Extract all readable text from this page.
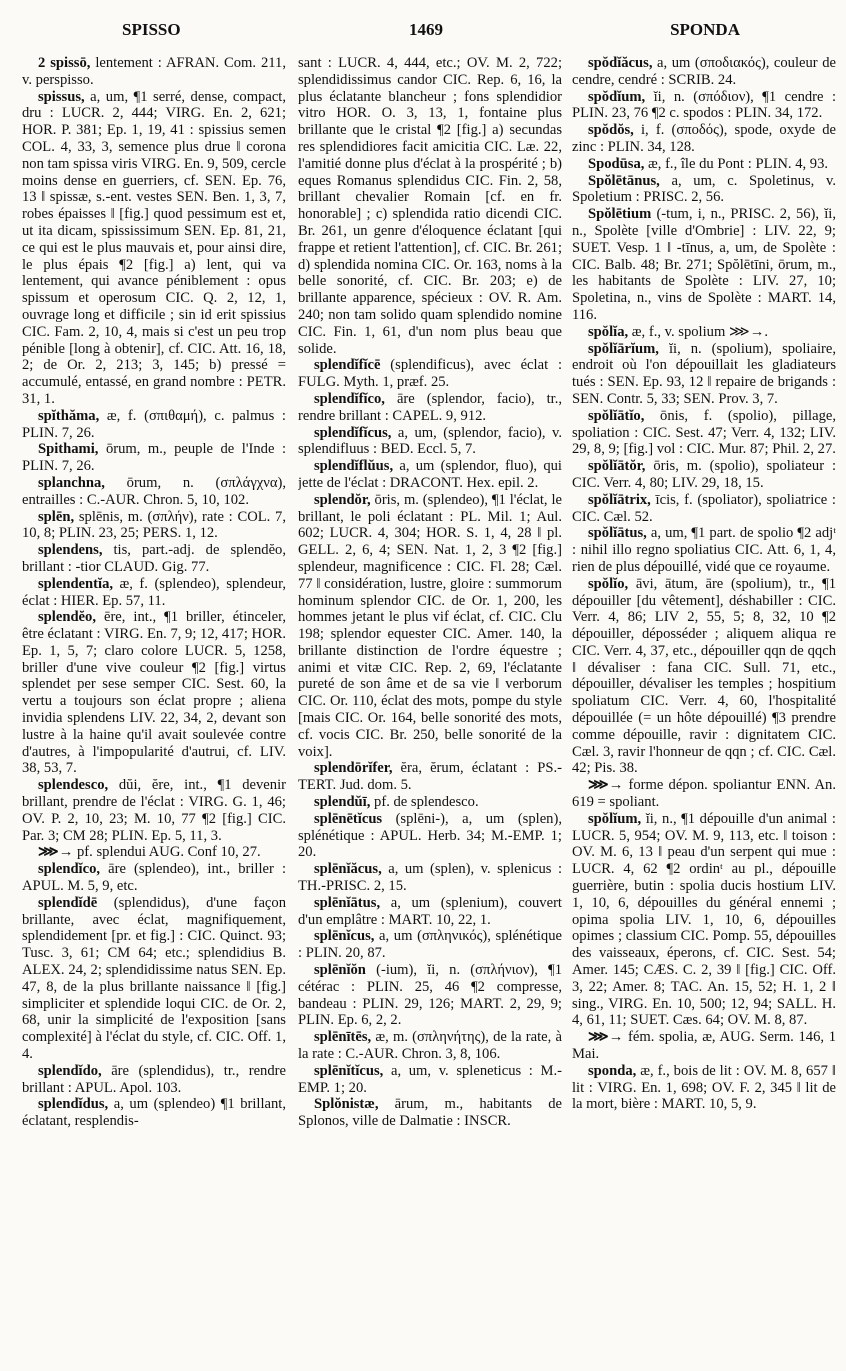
SPISSO	1469	SPONDA

2 spissō, lentement : AFRAN. Com. 211, v. perspisso.

spissus, a, um, ¶1 serré, dense, compact, dru : LUCR. 2, 444; VIRG. En. 2, 621; HOR. P. 381; Ep. 1, 19, 41 : spissius semen COL. 4, 33, 3, semence plus drue ‖ corona non tam spissa viris VIRG. En. 9, 509, cercle moins dense en guerriers, cf. SEN. Ep. 76, 13 ‖ spissæ, s.-ent. vestes SEN. Ben. 1, 3, 7, robes épaisses ‖ [fig.] quod pessimum est et, ut ita dicam, spississimum SEN. Ep. 81, 21, ce qui est le plus mauvais et, pour ainsi dire, le plus épais ¶2 [fig.] a) lent, qui va lentement, qui avance péniblement : opus spissum et operosum CIC. Q. 2, 12, 1, ouvrage long et difficile ; sin id erit spissius CIC. Fam. 2, 10, 4, mais si c'est un peu trop pénible [long à obtenir], cf. CIC. Att. 16, 18, 2; de Or. 2, 213; 3, 145; b) pressé = accumulé, entassé, en grand nombre : PETR. 31, 1.

spĭthăma, æ, f. (σπιθαμή), c. palmus : PLIN. 7, 26.

Spithami, ōrum, m., peuple de l'Inde : PLIN. 7, 26.

splanchna, ōrum, n. (σπλάγχνα), entrailles : C.-AUR. Chron. 5, 10, 102.

splēn, splēnis, m. (σπλήν), rate : COL. 7, 10, 8; PLIN. 23, 25; PERS. 1, 12.

splendens, tis, part.-adj. de splendĕo, brillant : -tior CLAUD. Gig. 77.

splendentĭa, æ, f. (splendeo), splendeur, éclat : HIER. Ep. 57, 11.

splendĕo, ēre, int., ¶1 briller, étinceler, être éclatant : VIRG. En. 7, 9; 12, 417; HOR. Ep. 1, 5, 7; claro colore LUCR. 5, 1258, briller d'une vive couleur ¶2 [fig.] virtus splendet per sese semper CIC. Sest. 60, la vertu a toujours son éclat propre ; aliena invidia splendens LIV. 22, 34, 2, devant son lustre à la haine qu'il avait soulevée contre d'autres, à l'impopularité d'autrui, cf. LIV. 38, 53, 7.

splendesco, dŭi, ĕre, int., ¶1 devenir brillant, prendre de l'éclat : VIRG. G. 1, 46; OV. P. 2, 10, 23; M. 10, 77 ¶2 [fig.] CIC. Par. 3; CM 28; PLIN. Ep. 5, 11, 3.

⋙→ pf. splendui AUG. Conf 10, 27.

splendĭco, āre (splendeo), int., briller : APUL. M. 5, 9, etc.

splendĭdē (splendidus), d'une façon brillante, avec éclat, magnifiquement, splendidement [pr. et fig.] : CIC. Quinct. 93; Tusc. 3, 61; CM 64; etc.; splendidius B. ALEX. 24, 2; splendidissime natus SEN. Ep. 47, 8, de la plus brillante naissance ‖ [fig.] simpliciter et splendide loqui CIC. de Or. 2, 68, unir la simplicité de l'exposition [sans complexité] à l'éclat du style, cf. CIC. Off. 1, 4.

splendĭdo, āre (splendidus), tr., rendre brillant : APUL. Apol. 103.

splendĭdus, a, um (splendeo) ¶1 brillant, éclatant, resplendis-

sant : LUCR. 4, 444, etc.; OV. M. 2, 722; splendidissimus candor CIC. Rep. 6, 16, la plus éclatante blancheur ; fons splendidior vitro HOR. O. 3, 13, 1, fontaine plus brillante que le cristal ¶2 [fig.] a) secundas res splendidiores facit amicitia CIC. Læ. 22, l'amitié donne plus d'éclat à la prospérité ; b) eques Romanus splendidus CIC. Fin. 2, 58, brillant chevalier Romain [cf. en fr. honorable] ; c) splendida ratio dicendi CIC. Br. 261, un genre d'éloquence éclatant [qui frappe et retient l'attention], cf. CIC. Br. 261; d) splendida nomina CIC. Or. 163, noms à la belle sonorité, cf. CIC. Br. 203; e) de brillante apparence, spécieux : OV. R. Am. 240; non tam solido quam splendido nomine CIC. Fin. 1, 61, d'un nom plus beau que solide.

splendĭfĭcē (splendificus), avec éclat : FULG. Myth. 1, præf. 25.

splendĭfĭco, āre (splendor, facio), tr., rendre brillant : CAPEL. 9, 912.

splendĭfĭcus, a, um, (splendor, facio), v. splendifluus : BED. Eccl. 5, 7.

splendĭflŭus, a, um (splendor, fluo), qui jette de l'éclat : DRACONT. Hex. epil. 2.

splendŏr, ōris, m. (splendeo), ¶1 l'éclat, le brillant, le poli éclatant : PL. Mil. 1; Aul. 602; LUCR. 4, 304; HOR. S. 1, 4, 28 ‖ pl. GELL. 2, 6, 4; SEN. Nat. 1, 2, 3 ¶2 [fig.] splendeur, magnificence : CIC. Fl. 28; Cæl. 77 ‖ considération, lustre, gloire : summorum hominum splendor CIC. de Or. 1, 200, les hommes jetant le plus vif éclat, cf. CIC. Clu 198; splendor equester CIC. Amer. 140, la brillante distinction de l'ordre équestre ; animi et vitæ CIC. Rep. 2, 69, l'éclatante pureté de son âme et de sa vie ‖ verborum CIC. Or. 110, éclat des mots, pompe du style [mais CIC. Or. 164, belle sonorité des mots, cf. vocis CIC. Br. 250, belle sonorité de la voix].

splendōrĭfer, ĕra, ĕrum, éclatant : PS.-TERT. Jud. dom. 5.

splendŭī, pf. de splendesco.

splēnētĭcus (splēni-), a, um (splen), splénétique : APUL. Herb. 34; M.-EMP. 1; 20.

splēnĭăcus, a, um (splen), v. splenicus : TH.-PRISC. 2, 15.

splēnĭātus, a, um (splenium), couvert d'un emplâtre : MART. 10, 22, 1.

splēnĭcus, a, um (σπληνικός), splénétique : PLIN. 20, 87.

splēnĭŏn (-ium), ĭi, n. (σπλήνιον), ¶1 cétérac : PLIN. 25, 46 ¶2 compresse, bandeau : PLIN. 29, 126; MART. 2, 29, 9; PLIN. Ep. 6, 2, 2.

splēnītēs, æ, m. (σπληνήτης), de la rate, à la rate : C.-AUR. Chron. 3, 8, 106.

splēnĭtĭcus, a, um, v. spleneticus : M.-EMP. 1; 20.

Splŏnistæ, ārum, m., habitants de Splonos, ville de Dalmatie : INSCR.

spŏdĭăcus, a, um (σποδιακός), couleur de cendre, cendré : SCRIB. 24.

spŏdĭum, ĭi, n. (σπόδιον), ¶1 cendre : PLIN. 23, 76 ¶2 c. spodos : PLIN. 34, 172.

spŏdŏs, i, f. (σποδός), spode, oxyde de zinc : PLIN. 34, 128.

Spodūsa, æ, f., île du Pont : PLIN. 4, 93.

Spŏlētānus, a, um, c. Spoletinus, v. Spoletium : PRISC. 2, 56.

Spŏlētium (-tum, i, n., PRISC. 2, 56), ĭi, n., Spolète [ville d'Ombrie] : LIV. 22, 9; SUET. Vesp. 1 ‖ -tīnus, a, um, de Spolète : CIC. Balb. 48; Br. 271; Spŏlētīni, ōrum, m., les habitants de Spolète : LIV. 27, 10; Spoletina, n., vins de Spolète : MART. 14, 116.

spŏlĭa, æ, f., v. spolium ⋙→.

spŏlĭārĭum, ĭi, n. (spolium), spoliaire, endroit où l'on dépouillait les gladiateurs tués : SEN. Ep. 93, 12 ‖ repaire de brigands : SEN. Contr. 5, 33; SEN. Prov. 3, 7.

spŏlĭātĭo, ōnis, f. (spolio), pillage, spoliation : CIC. Sest. 47; Verr. 4, 132; LIV. 29, 8, 9; [fig.] vol : CIC. Mur. 87; Phil. 2, 27.

spŏlĭātŏr, ōris, m. (spolio), spoliateur : CIC. Verr. 4, 80; LIV. 29, 18, 15.

spŏlĭātrix, īcis, f. (spoliator), spoliatrice : CIC. Cæl. 52.

spŏlĭātus, a, um, ¶1 part. de spolio ¶2 adjᵗ : nihil illo regno spoliatius CIC. Att. 6, 1, 4, rien de plus dépouillé, vidé que ce royaume.

spŏlĭo, āvi, ātum, āre (spolium), tr., ¶1 dépouiller [du vêtement], déshabiller : CIC. Verr. 4, 86; LIV 2, 55, 5; 8, 32, 10 ¶2 dépouiller, déposséder ; aliquem aliqua re CIC. Verr. 4, 37, etc., dépouiller qqn de qqch ‖ dévaliser : fana CIC. Sull. 71, etc., dépouiller, dévaliser les temples ; hospitium spoliatum CIC. Verr. 4, 60, l'hospitalité dépouillée (= un hôte dépouillé) ¶3 prendre comme dépouille, ravir : dignitatem CIC. Cæl. 3, ravir l'honneur de qqn ; cf. CIC. Cæl. 42; Pis. 38.

⋙→ forme dépon. spoliantur ENN. An. 619 = spoliant.

spŏlĭum, ĭi, n., ¶1 dépouille d'un animal : LUCR. 5, 954; OV. M. 9, 113, etc. ‖ toison : OV. M. 6, 13 ‖ peau d'un serpent qui mue : LUCR. 4, 62 ¶2 ordinᵗ au pl., dépouille guerrière, butin : spolia ducis hostium LIV. 1, 10, 6, dépouilles du général ennemi ; opima spolia LIV. 1, 10, 6, dépouilles opimes ; classium CIC. Pomp. 55, dépouilles des vaisseaux, éperons, cf. CIC. Sest. 54; Amer. 145; CÆS. C. 2, 39 ‖ [fig.] CIC. Off. 3, 22; Amer. 8; TAC. An. 15, 52; H. 1, 2 ‖ sing., VIRG. En. 10, 500; 12, 94; SALL. H. 4, 61, 11; SUET. Cæs. 64; OV. M. 8, 87.

⋙→ fém. spolia, æ, AUG. Serm. 146, 1 Mai.

sponda, æ, f., bois de lit : OV. M. 8, 657 ‖ lit : VIRG. En. 1, 698; OV. F. 2, 345 ‖ lit de la mort, bière : MART. 10, 5, 9.
